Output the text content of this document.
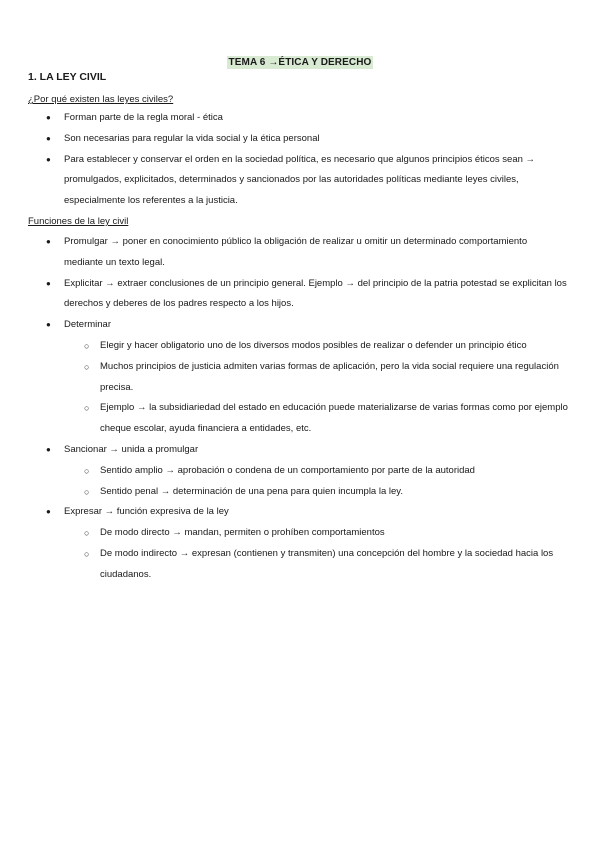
TEMA 6 →ÉTICA Y DERECHO
1. LA LEY CIVIL
¿Por qué existen las leyes civiles?
● Forman parte de la regla moral - ética
● Son necesarias para regular la vida social y la ética personal
● Para establecer y conservar el orden en la sociedad política, es necesario que algunos principios éticos sean → promulgados, explicitados, determinados y sancionados por las autoridades políticas mediante leyes civiles, especialmente los referentes a la justicia.
Funciones de la ley civil
● Promulgar → poner en conocimiento público la obligación de realizar u omitir un determinado comportamiento mediante un texto legal.
● Explicitar → extraer conclusiones de un principio general. Ejemplo → del principio de la patria potestad se explicitan los derechos y deberes de los padres respecto a los hijos.
● Determinar
○ Elegir y hacer obligatorio uno de los diversos modos posibles de realizar o defender un principio ético
○ Muchos principios de justicia admiten varias formas de aplicación, pero la vida social requiere una regulación precisa.
○ Ejemplo → la subsidiariedad del estado en educación puede materializarse de varias formas como por ejemplo cheque escolar, ayuda financiera a entidades, etc.
● Sancionar → unida a promulgar
○ Sentido amplio → aprobación o condena de un comportamiento por parte de la autoridad
○ Sentido penal → determinación de una pena para quien incumpla la ley.
● Expresar → función expresiva de la ley
○ De modo directo → mandan, permiten o prohíben comportamientos
○ De modo indirecto → expresan (contienen y transmiten) una concepción del hombre y la sociedad hacia los ciudadanos.
